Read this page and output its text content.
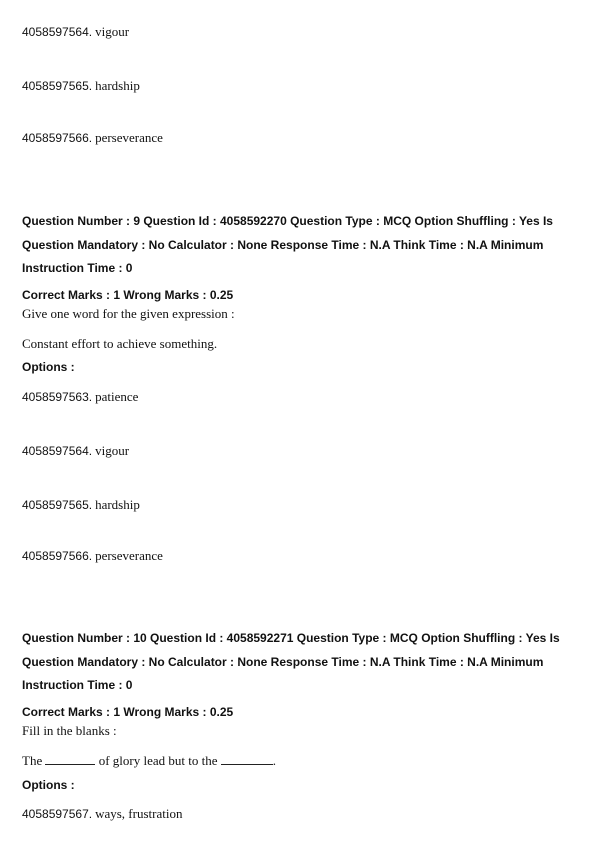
4058597564. vigour
4058597565. hardship
4058597566. perseverance
Question Number : 9 Question Id : 4058592270 Question Type : MCQ Option Shuffling : Yes Is
Question Mandatory : No Calculator : None Response Time : N.A Think Time : N.A Minimum
Instruction Time : 0
Correct Marks : 1 Wrong Marks : 0.25
Give one word for the given expression :
Constant effort to achieve something.
Options :
4058597563. patience
4058597564. vigour
4058597565. hardship
4058597566. perseverance
Question Number : 10 Question Id : 4058592271 Question Type : MCQ Option Shuffling : Yes Is
Question Mandatory : No Calculator : None Response Time : N.A Think Time : N.A Minimum
Instruction Time : 0
Correct Marks : 1 Wrong Marks : 0.25
Fill in the blanks :
The	of glory lead but to the	.
Options :
4058597567. ways, frustration
